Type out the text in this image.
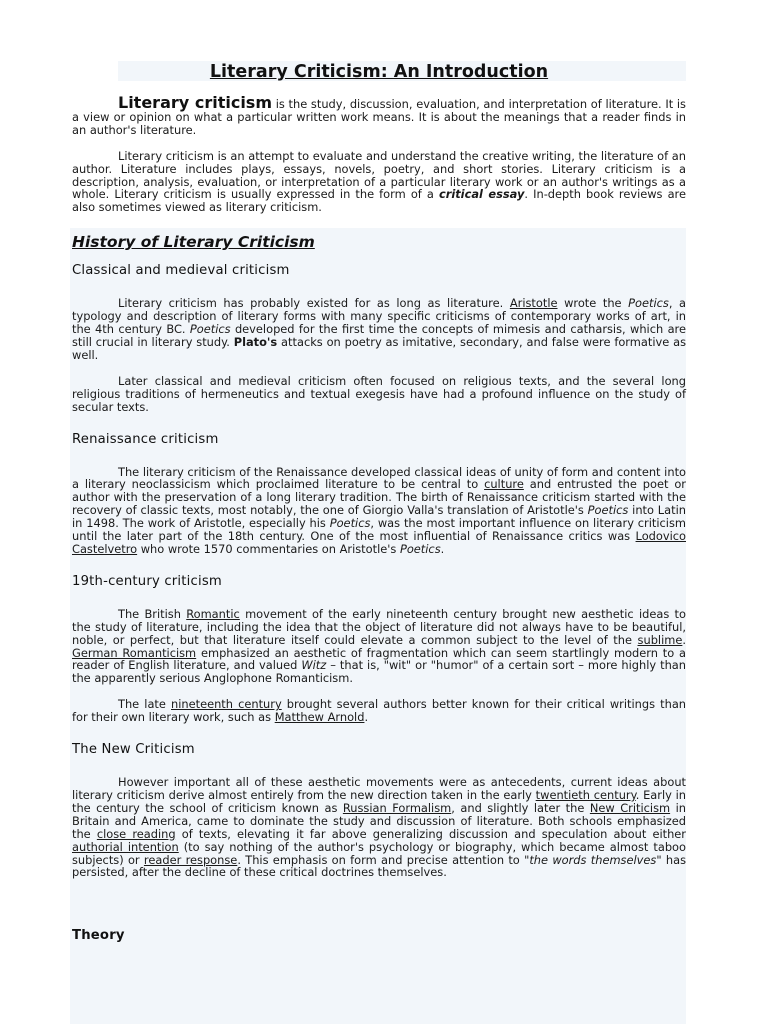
Literary Criticism: An Introduction

Literary criticism is the study, discussion, evaluation, and interpretation of literature. It is a view or opinion on what a particular written work means. It is about the meanings that a reader finds in an author's literature.

Literary criticism is an attempt to evaluate and understand the creative writing, the literature of an author. Literature includes plays, essays, novels, poetry, and short stories. Literary criticism is a description, analysis, evaluation, or interpretation of a particular literary work or an author's writings as a whole. Literary criticism is usually expressed in the form of a critical essay. In-depth book reviews are also sometimes viewed as literary criticism.

History of Literary Criticism
Classical and medieval criticism

Literary criticism has probably existed for as long as literature. Aristotle wrote the Poetics, a typology and description of literary forms with many specific criticisms of contemporary works of art, in the 4th century BC. Poetics developed for the first time the concepts of mimesis and catharsis, which are still crucial in literary study. Plato's attacks on poetry as imitative, secondary, and false were formative as well.

Later classical and medieval criticism often focused on religious texts, and the several long religious traditions of hermeneutics and textual exegesis have had a profound influence on the study of secular texts.

Renaissance criticism

The literary criticism of the Renaissance developed classical ideas of unity of form and content into a literary neoclassicism which proclaimed literature to be central to culture and entrusted the poet or author with the preservation of a long literary tradition. The birth of Renaissance criticism started with the recovery of classic texts, most notably, the one of Giorgio Valla's translation of Aristotle's Poetics into Latin in 1498. The work of Aristotle, especially his Poetics, was the most important influence on literary criticism until the later part of the 18th century. One of the most influential of Renaissance critics was Lodovico Castelvetro who wrote 1570 commentaries on Aristotle's Poetics.

19th-century criticism

The British Romantic movement of the early nineteenth century brought new aesthetic ideas to the study of literature, including the idea that the object of literature did not always have to be beautiful, noble, or perfect, but that literature itself could elevate a common subject to the level of the sublime. German Romanticism emphasized an aesthetic of fragmentation which can seem startlingly modern to a reader of English literature, and valued Witz – that is, "wit" or "humor" of a certain sort – more highly than the apparently serious Anglophone Romanticism.

The late nineteenth century brought several authors better known for their critical writings than for their own literary work, such as Matthew Arnold.

The New Criticism

However important all of these aesthetic movements were as antecedents, current ideas about literary criticism derive almost entirely from the new direction taken in the early twentieth century. Early in the century the school of criticism known as Russian Formalism, and slightly later the New Criticism in Britain and America, came to dominate the study and discussion of literature. Both schools emphasized the close reading of texts, elevating it far above generalizing discussion and speculation about either authorial intention (to say nothing of the author's psychology or biography, which became almost taboo subjects) or reader response. This emphasis on form and precise attention to "the words themselves" has persisted, after the decline of these critical doctrines themselves.

Theory
